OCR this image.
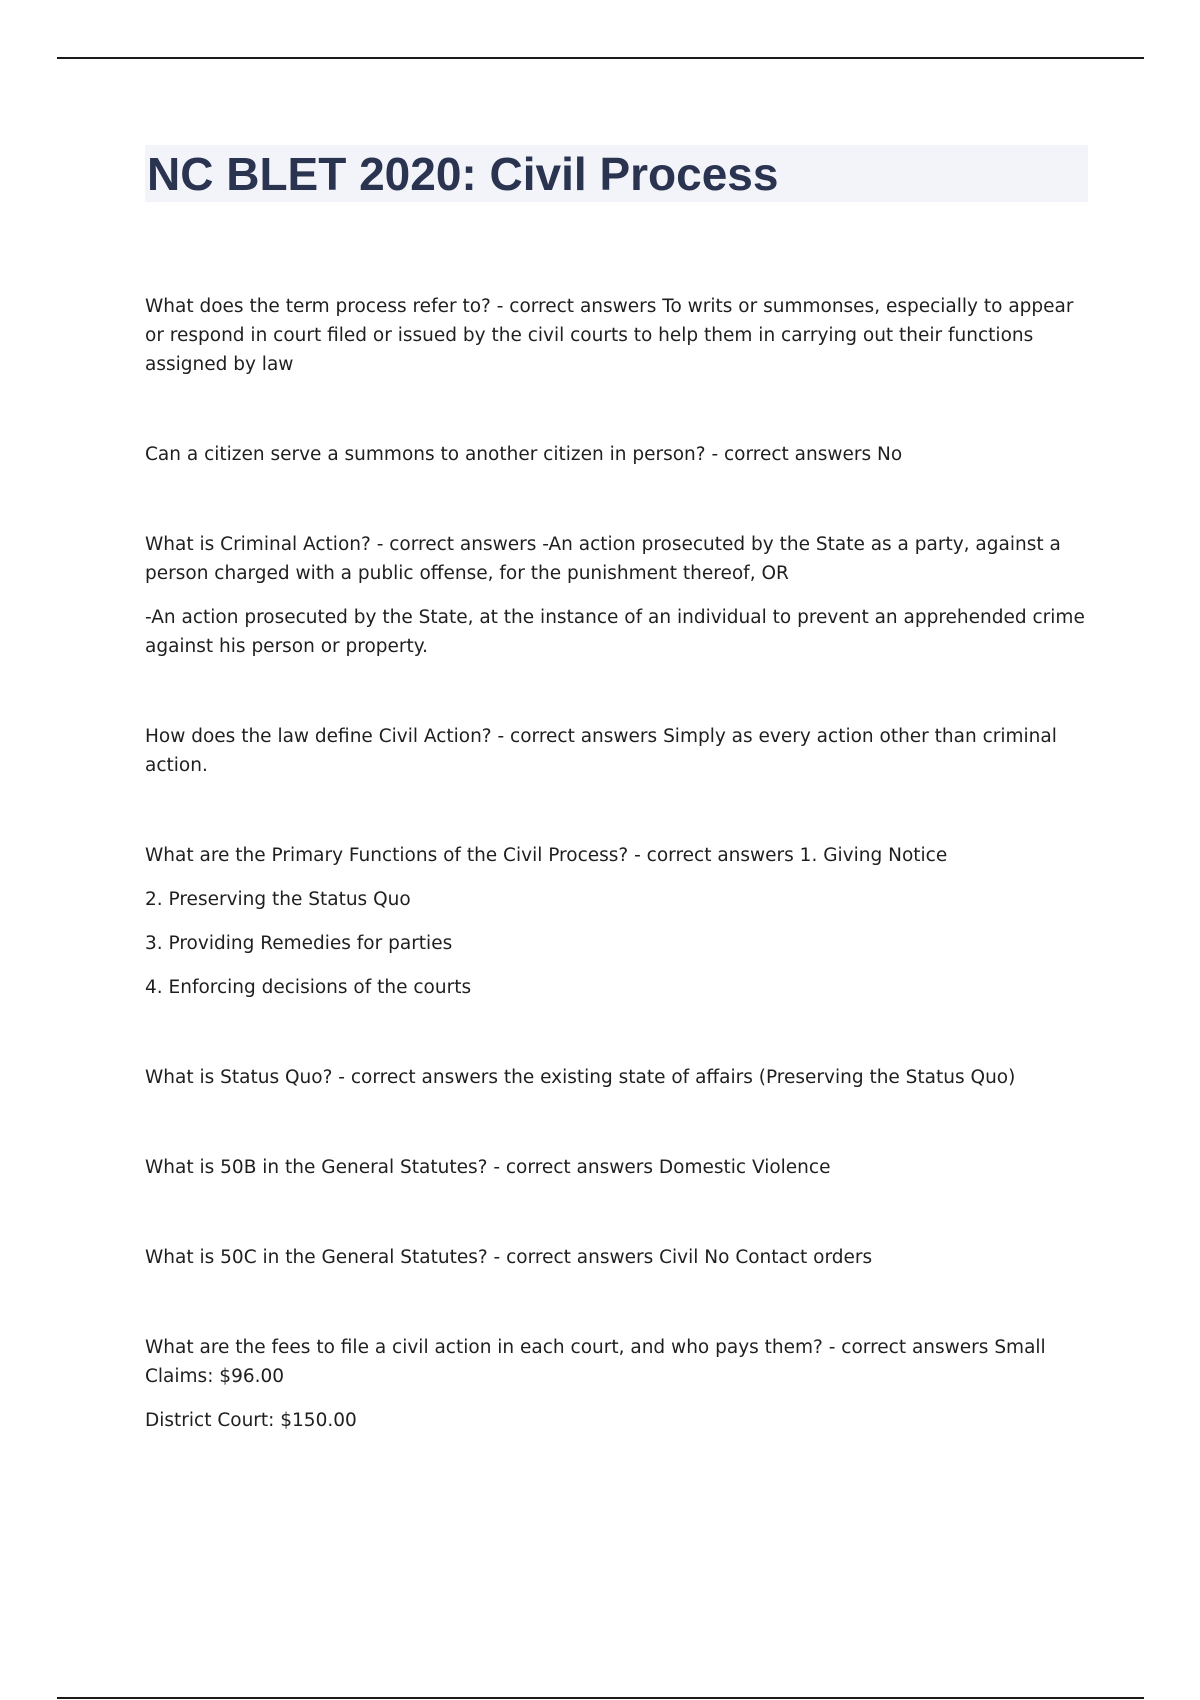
NC BLET 2020: Civil Process

What does the term process refer to? - correct answers To writs or summonses, especially to appear or respond in court filed or issued by the civil courts to help them in carrying out their functions assigned by law

Can a citizen serve a summons to another citizen in person? - correct answers No

What is Criminal Action? - correct answers -An action prosecuted by the State as a party, against a person charged with a public offense, for the punishment thereof, OR

-An action prosecuted by the State, at the instance of an individual to prevent an apprehended crime against his person or property.

How does the law define Civil Action? - correct answers Simply as every action other than criminal action.

What are the Primary Functions of the Civil Process? - correct answers 1. Giving Notice

2. Preserving the Status Quo

3. Providing Remedies for parties

4. Enforcing decisions of the courts

What is Status Quo? - correct answers the existing state of affairs (Preserving the Status Quo)

What is 50B in the General Statutes? - correct answers Domestic Violence

What is 50C in the General Statutes? - correct answers Civil No Contact orders

What are the fees to file a civil action in each court, and who pays them? - correct answers Small Claims: $96.00

District Court: $150.00
